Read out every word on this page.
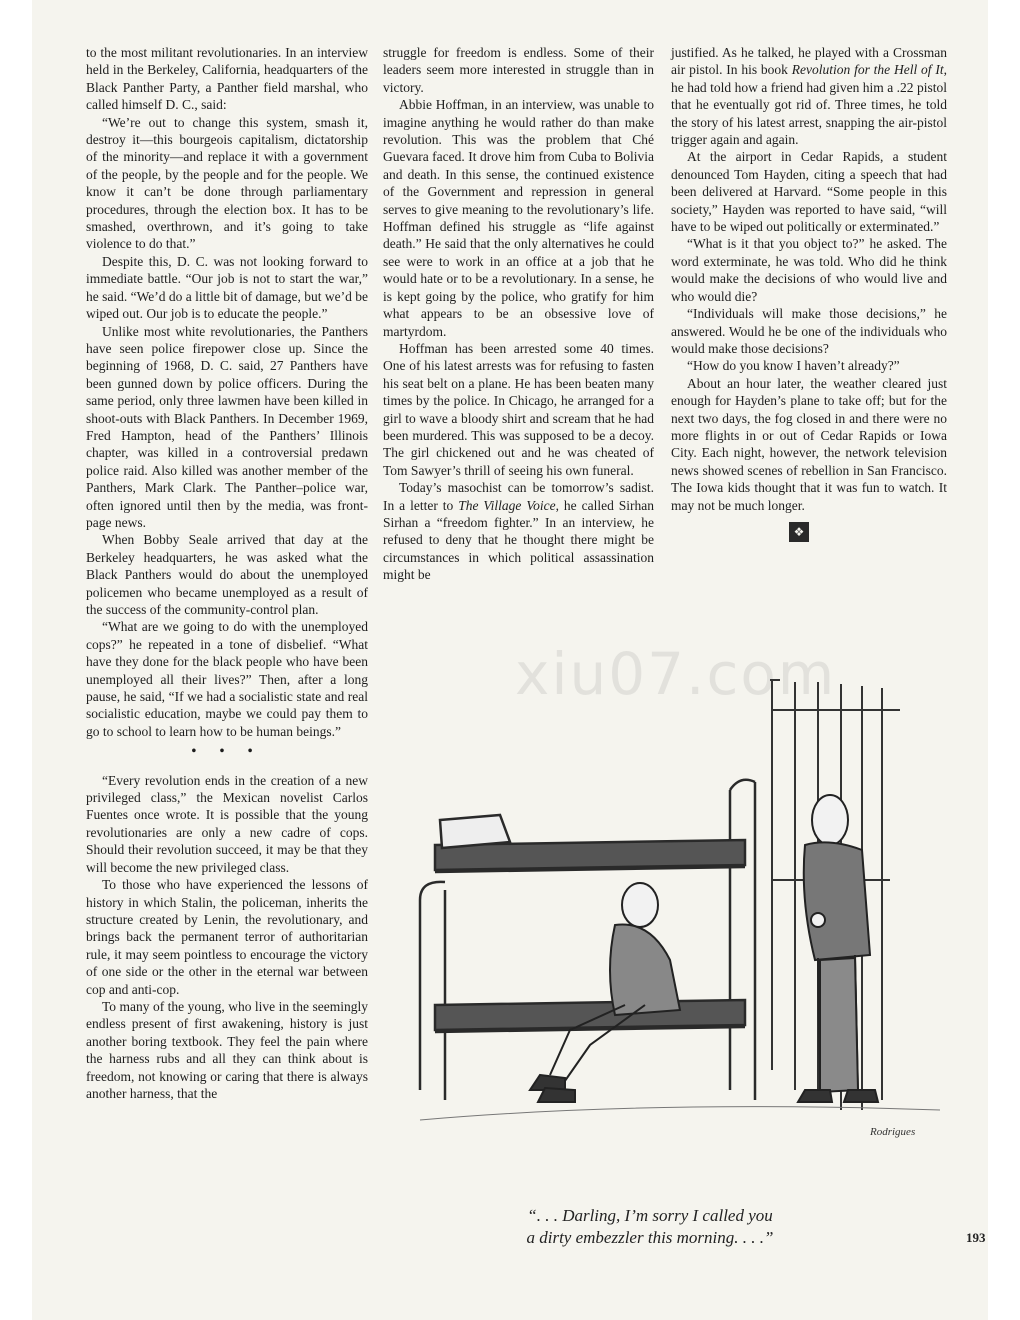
to the most militant revolutionaries. In an interview held in the Berkeley, California, headquarters of the Black Panther Party, a Panther field marshal, who called himself D. C., said:

“We’re out to change this system, smash it, destroy it—this bourgeois capitalism, dictatorship of the minority—and replace it with a government of the people, by the people and for the people. We know it can’t be done through parliamentary procedures, through the election box. It has to be smashed, overthrown, and it’s going to take violence to do that.”

Despite this, D. C. was not looking forward to immediate battle. “Our job is not to start the war,” he said. “We’d do a little bit of damage, but we’d be wiped out. Our job is to educate the people.”

Unlike most white revolutionaries, the Panthers have seen police firepower close up. Since the beginning of 1968, D. C. said, 27 Panthers have been gunned down by police officers. During the same period, only three lawmen have been killed in shoot-outs with Black Panthers. In December 1969, Fred Hampton, head of the Panthers’ Illinois chapter, was killed in a controversial predawn police raid. Also killed was another member of the Panthers, Mark Clark. The Panther–police war, often ignored until then by the media, was front-page news.

When Bobby Seale arrived that day at the Berkeley headquarters, he was asked what the Black Panthers would do about the unemployed policemen who became unemployed as a result of the success of the community-control plan.

“What are we going to do with the unemployed cops?” he repeated in a tone of disbelief. “What have they done for the black people who have been unemployed all their lives?” Then, after a long pause, he said, “If we had a socialistic state and real socialistic education, maybe we could pay them to go to school to learn how to be human beings.”

• • •

“Every revolution ends in the creation of a new privileged class,” the Mexican novelist Carlos Fuentes once wrote. It is possible that the young revolutionaries are only a new cadre of cops. Should their revolution succeed, it may be that they will become the new privileged class.

To those who have experienced the lessons of history in which Stalin, the policeman, inherits the structure created by Lenin, the revolutionary, and brings back the permanent terror of authoritarian rule, it may seem pointless to encourage the victory of one side or the other in the eternal war between cop and anti-cop.

To many of the young, who live in the seemingly endless present of first awakening, history is just another boring textbook. They feel the pain where the harness rubs and all they can think about is freedom, not knowing or caring that there is always another harness, that the

struggle for freedom is endless. Some of their leaders seem more interested in struggle than in victory.

Abbie Hoffman, in an interview, was unable to imagine anything he would rather do than make revolution. This was the problem that Ché Guevara faced. It drove him from Cuba to Bolivia and death. In this sense, the continued existence of the Government and repression in general serves to give meaning to the revolutionary’s life. Hoffman defined his struggle as “life against death.” He said that the only alternatives he could see were to work in an office at a job that he would hate or to be a revolutionary. In a sense, he is kept going by the police, who gratify for him what appears to be an obsessive love of martyrdom.

Hoffman has been arrested some 40 times. One of his latest arrests was for refusing to fasten his seat belt on a plane. He has been beaten many times by the police. In Chicago, he arranged for a girl to wave a bloody shirt and scream that he had been murdered. This was supposed to be a decoy. The girl chickened out and he was cheated of Tom Sawyer’s thrill of seeing his own funeral.

Today’s masochist can be tomorrow’s sadist. In a letter to The Village Voice, he called Sirhan Sirhan a “freedom fighter.” In an interview, he refused to deny that he thought there might be circumstances in which political assassination might be

justified. As he talked, he played with a Crossman air pistol. In his book Revolution for the Hell of It, he had told how a friend had given him a .22 pistol that he eventually got rid of. Three times, he told the story of his latest arrest, snapping the air-pistol trigger again and again.

At the airport in Cedar Rapids, a student denounced Tom Hayden, citing a speech that had been delivered at Harvard. “Some people in this society,” Hayden was reported to have said, “will have to be wiped out politically or exterminated.”

“What is it that you object to?” he asked. The word exterminate, he was told. Who did he think would make the decisions of who would live and who would die?

“Individuals will make those decisions,” he answered. Would he be one of the individuals who would make those decisions?

“How do you know I haven’t already?”

About an hour later, the weather cleared just enough for Hayden’s plane to take off; but for the next two days, the fog closed in and there were no more flights in or out of Cedar Rapids or Iowa City. Each night, however, the network television news showed scenes of rebellion in San Francisco. The Iowa kids thought that it was fun to watch. It may not be much longer.

❖
xiu07.com
Rodrigues
“. . . Darling, I’m sorry I called you
a dirty embezzler this morning. . . .”	193
